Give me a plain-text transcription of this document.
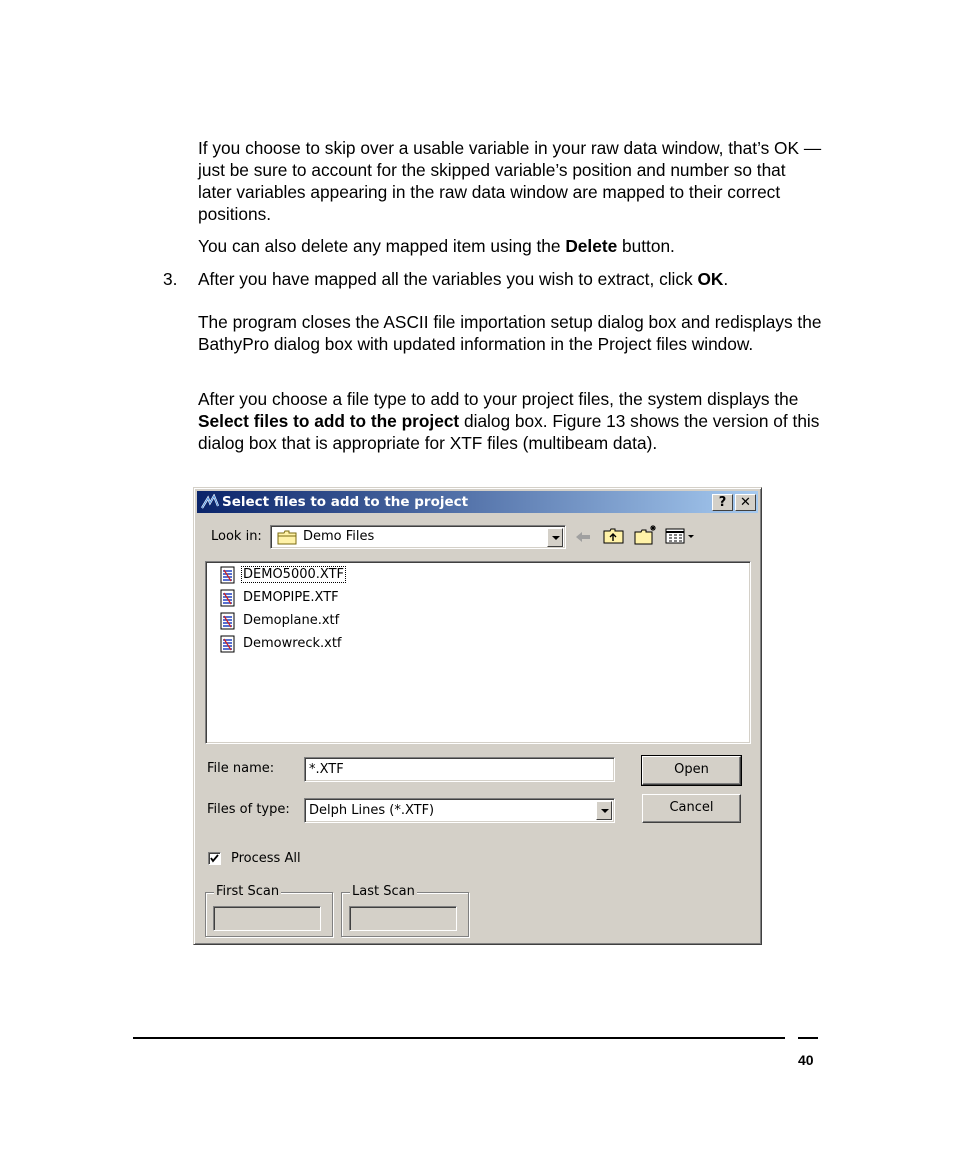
If you choose to skip over a usable variable in your raw data window, that’s OK — just be sure to account for the skipped variable’s position and number so that later variables appearing in the raw data window are mapped to their correct positions.

You can also delete any mapped item using the Delete button.

3. After you have mapped all the variables you wish to extract, click OK.

The program closes the ASCII file importation setup dialog box and redisplays the BathyPro dialog box with updated information in the Project files window.

After you choose a file type to add to your project files, the system displays the Select files to add to the project dialog box. Figure 13 shows the version of this dialog box that is appropriate for XTF files (multibeam data).

Select files to add to the project	?	✕
Look in:	Demo Files
DEMO5000.XTF
DEMOPIPE.XTF
Demoplane.xtf
Demowreck.xtf
File name:	*.XTF	Open
Files of type: Delph Lines (*.XTF)	Cancel
Process All
First Scan	Last Scan
40
